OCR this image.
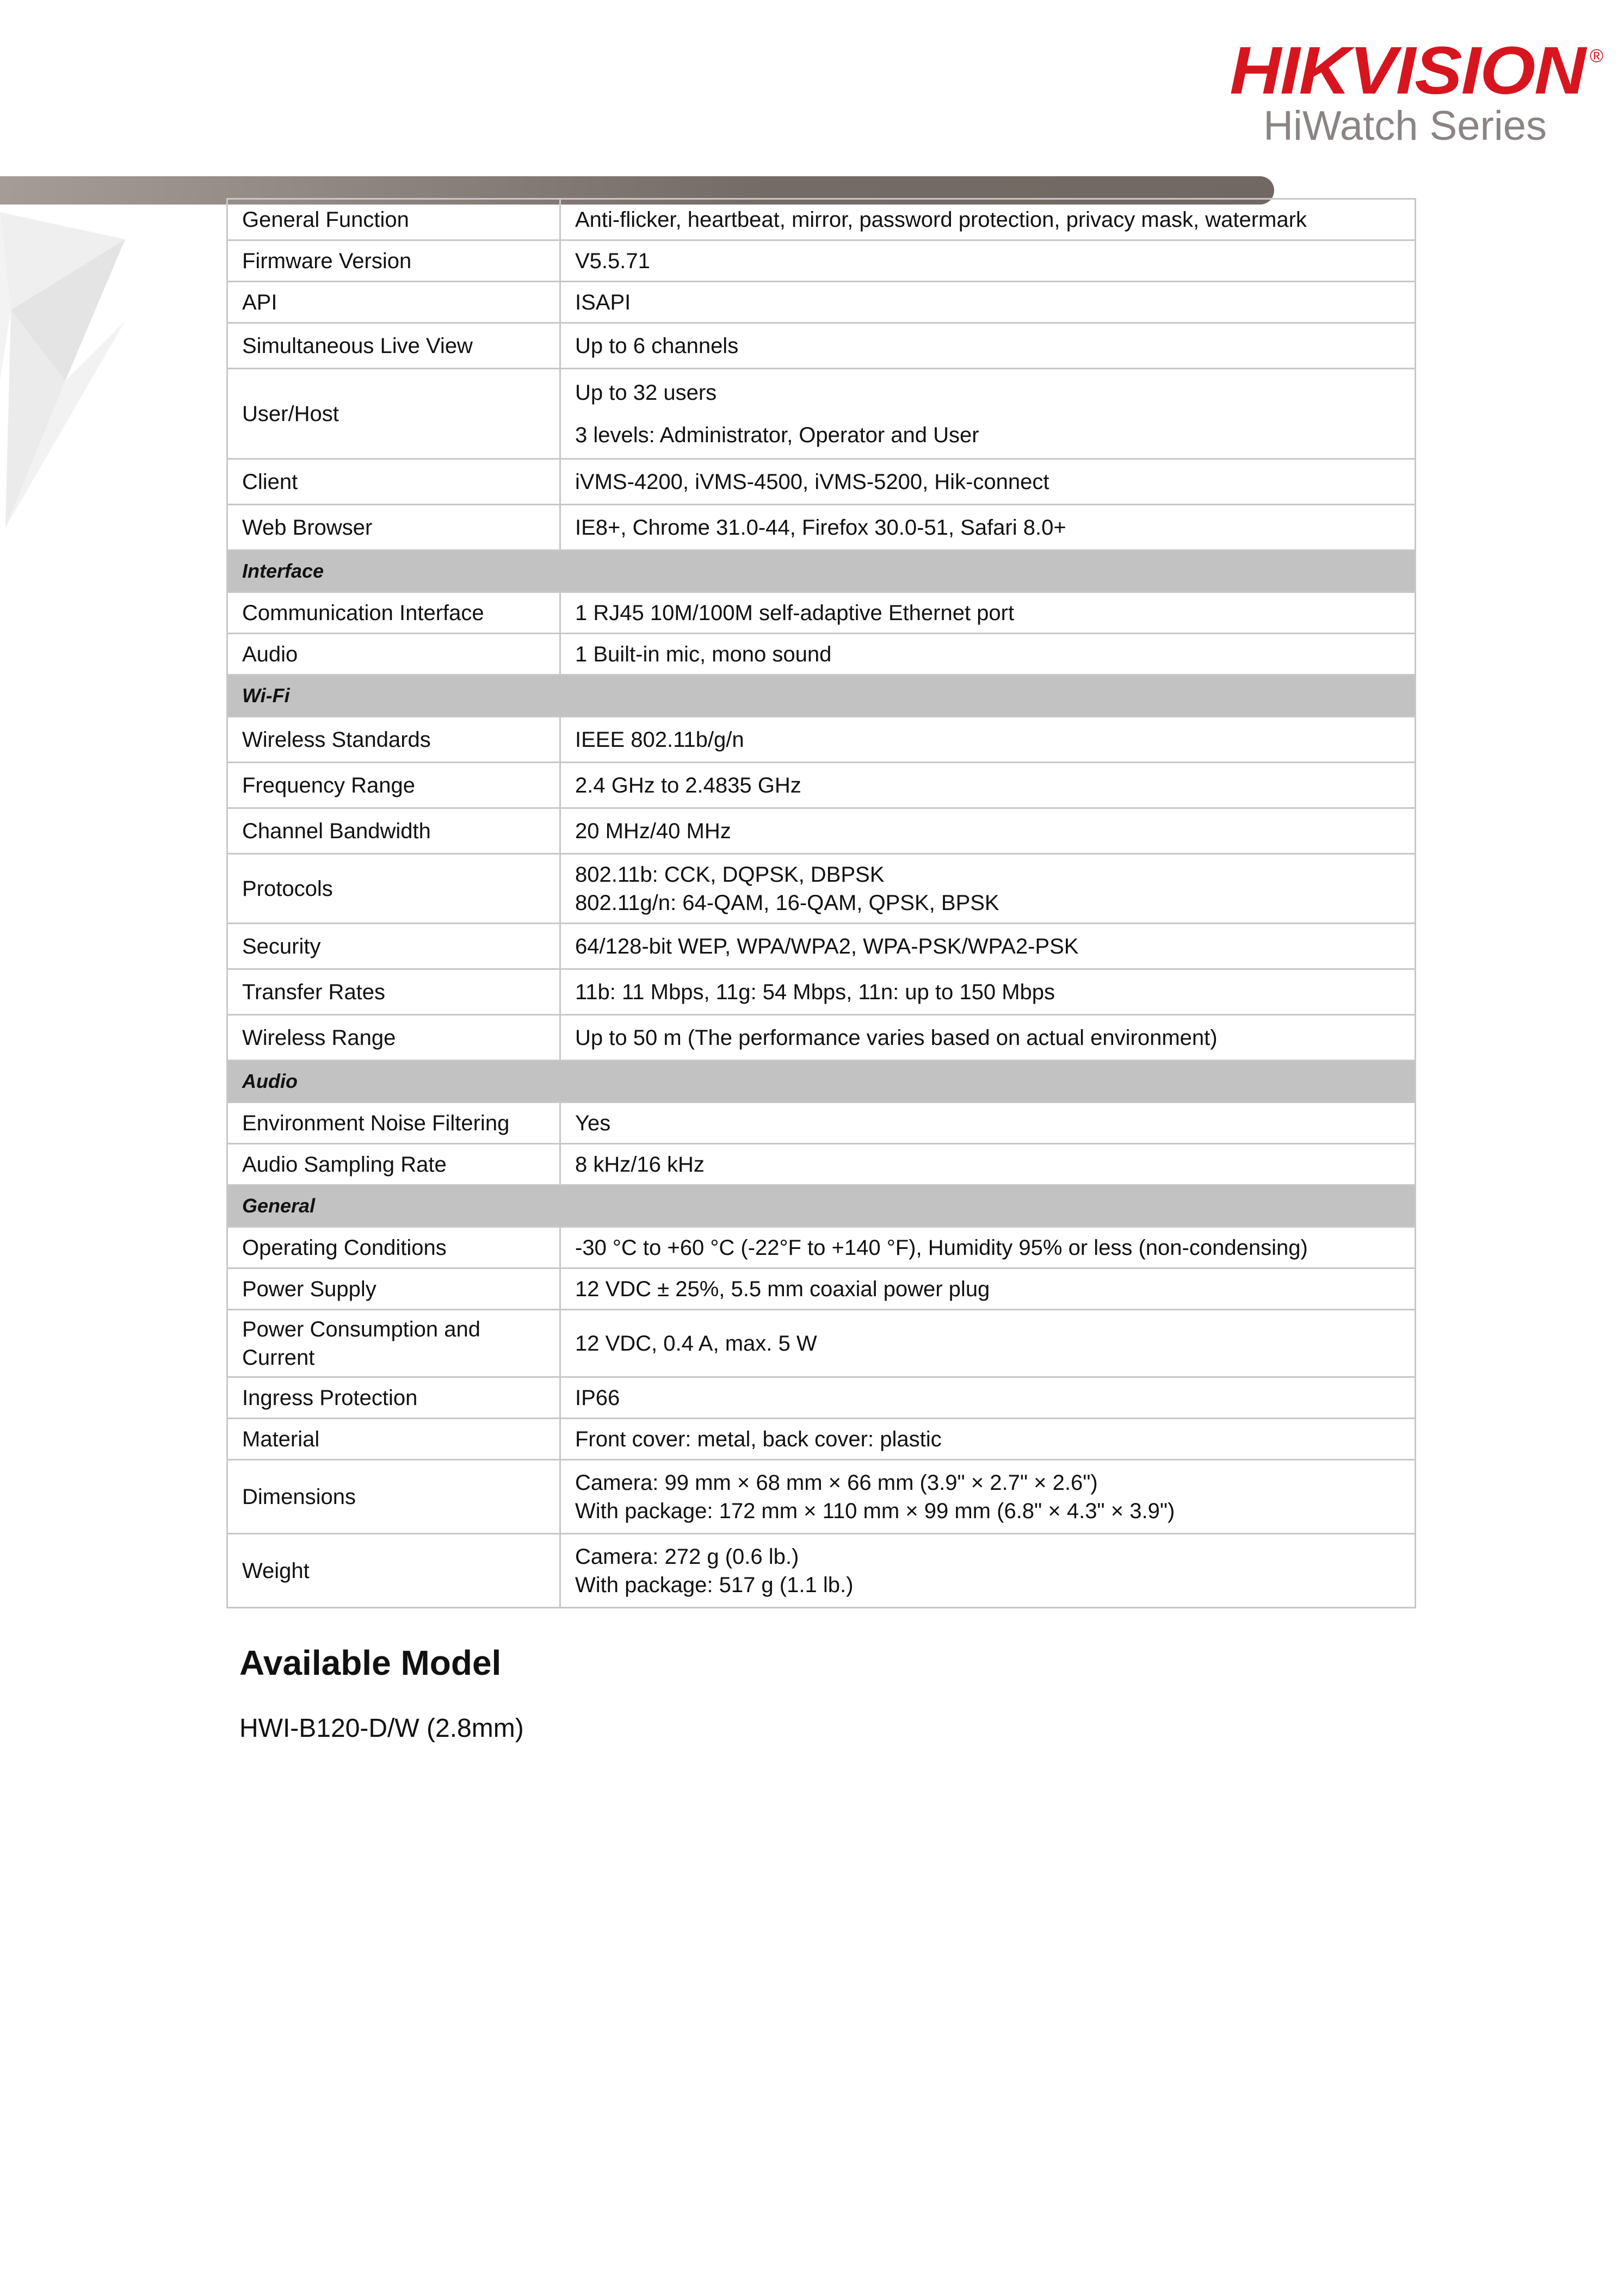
HIKVISION ®
HiWatch Series
General Function	Anti-flicker, heartbeat, mirror, password protection, privacy mask, watermark

Firmware Version	V5.5.71

API	ISAPI

Simultaneous Live View	Up to 6 channels

User/Host	Up to 32 users
3 levels: Administrator, Operator and User

Client	iVMS-4200, iVMS-4500, iVMS-5200, Hik-connect

Web Browser	IE8+, Chrome 31.0-44, Firefox 30.0-51, Safari 8.0+

Interface	
Communication Interface	1 RJ45 10M/100M self-adaptive Ethernet port

Audio	1 Built-in mic, mono sound

Wi-Fi	
Wireless Standards	IEEE 802.11b/g/n

Frequency Range	2.4 GHz to 2.4835 GHz

Channel Bandwidth	20 MHz/40 MHz

Protocols	802.11b: CCK, DQPSK, DBPSK
802.11g/n: 64-QAM, 16-QAM, QPSK, BPSK

Security	64/128-bit WEP, WPA/WPA2, WPA-PSK/WPA2-PSK

Transfer Rates	11b: 11 Mbps, 11g: 54 Mbps, 11n: up to 150 Mbps

Wireless Range	Up to 50 m (The performance varies based on actual environment)

Audio	
Environment Noise Filtering	Yes

Audio Sampling Rate	8 kHz/16 kHz

General	
Operating Conditions	-30 °C to +60 °C (-22°F to +140 °F), Humidity 95% or less (non-condensing)

Power Supply	12 VDC ± 25%, 5.5 mm coaxial power plug

Power Consumption and Current	12 VDC, 0.4 A, max. 5 W

Ingress Protection	IP66

Material	Front cover: metal, back cover: plastic

Dimensions	Camera: 99 mm × 68 mm × 66 mm (3.9" × 2.7" × 2.6")
With package: 172 mm × 110 mm × 99 mm (6.8" × 4.3" × 3.9")

Weight	Camera: 272 g (0.6 lb.)
With package: 517 g (1.1 lb.)
Available Model
HWI-B120-D/W (2.8mm)
